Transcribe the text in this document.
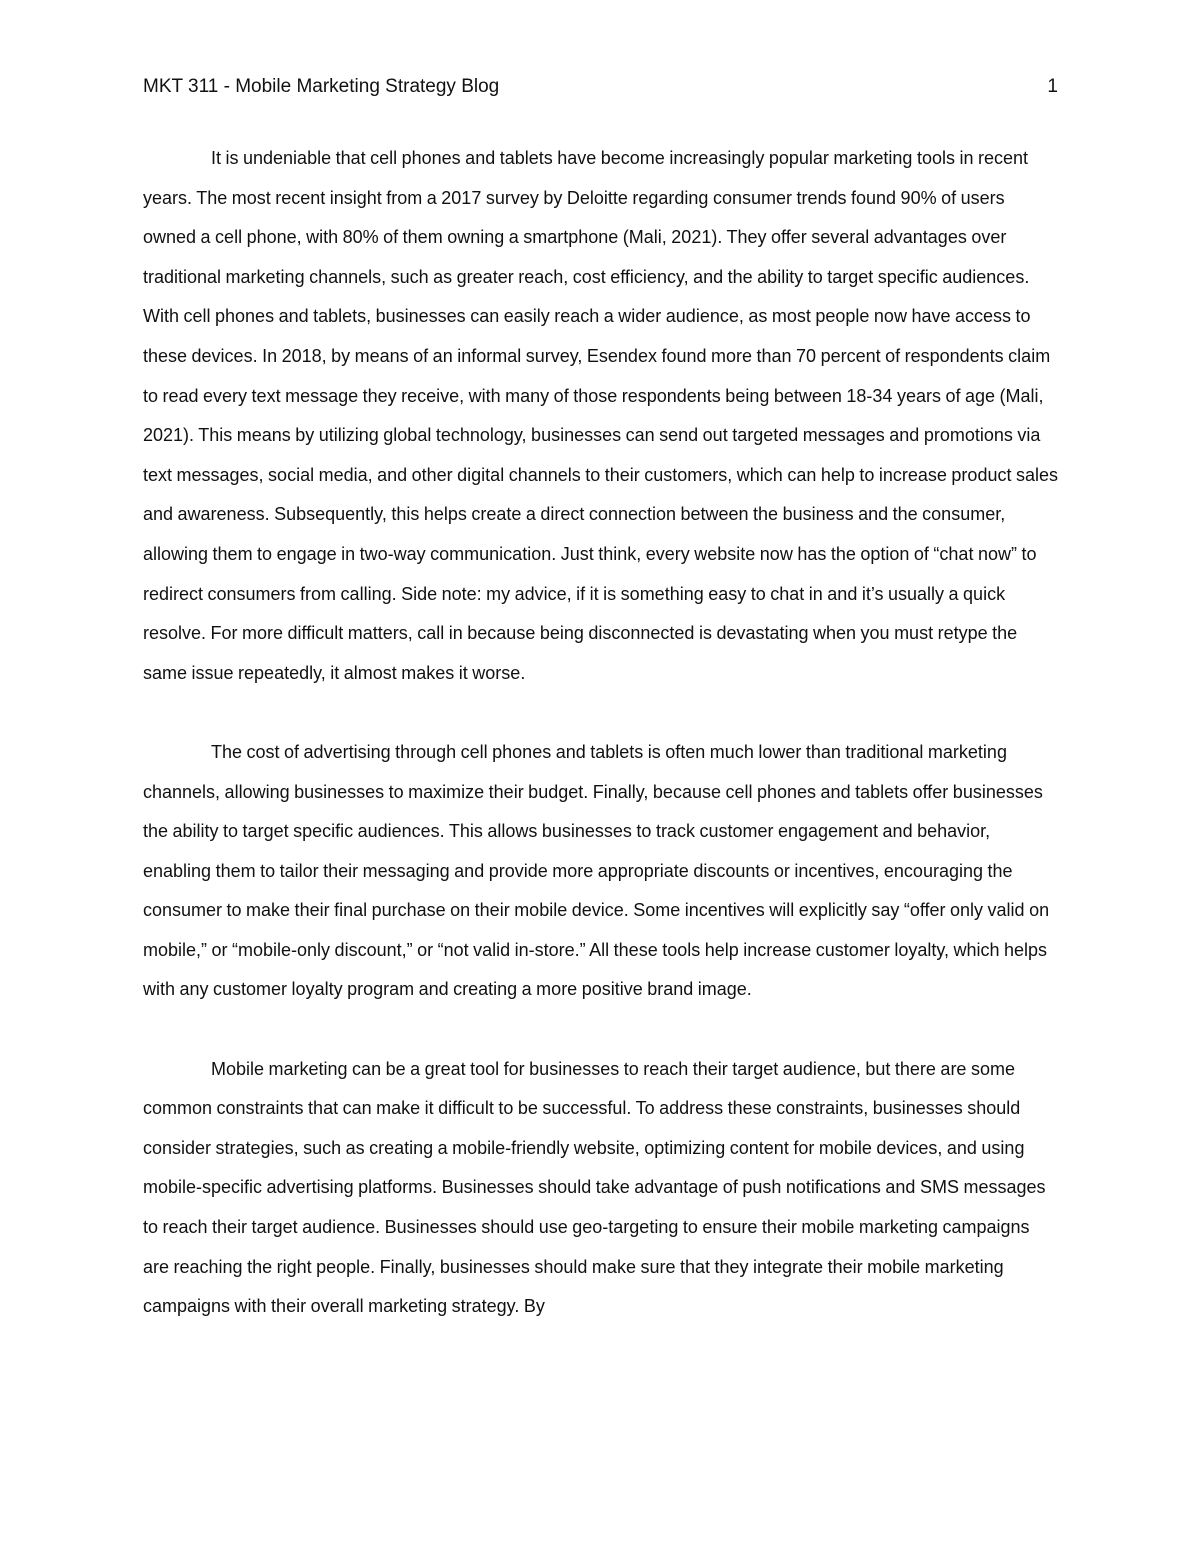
MKT 311 - Mobile Marketing Strategy Blog	1

It is undeniable that cell phones and tablets have become increasingly popular marketing tools in recent years. The most recent insight from a 2017 survey by Deloitte regarding consumer trends found 90% of users owned a cell phone, with 80% of them owning a smartphone (Mali, 2021). They offer several advantages over traditional marketing channels, such as greater reach, cost efficiency, and the ability to target specific audiences. With cell phones and tablets, businesses can easily reach a wider audience, as most people now have access to these devices. In 2018, by means of an informal survey, Esendex found more than 70 percent of respondents claim to read every text message they receive, with many of those respondents being between 18-34 years of age (Mali, 2021). This means by utilizing global technology, businesses can send out targeted messages and promotions via text messages, social media, and other digital channels to their customers, which can help to increase product sales and awareness. Subsequently, this helps create a direct connection between the business and the consumer, allowing them to engage in two-way communication. Just think, every website now has the option of “chat now” to redirect consumers from calling. Side note: my advice, if it is something easy to chat in and it’s usually a quick resolve. For more difficult matters, call in because being disconnected is devastating when you must retype the same issue repeatedly, it almost makes it worse.

The cost of advertising through cell phones and tablets is often much lower than traditional marketing channels, allowing businesses to maximize their budget. Finally, because cell phones and tablets offer businesses the ability to target specific audiences. This allows businesses to track customer engagement and behavior, enabling them to tailor their messaging and provide more appropriate discounts or incentives, encouraging the consumer to make their final purchase on their mobile device. Some incentives will explicitly say “offer only valid on mobile,” or “mobile-only discount,” or “not valid in-store.” All these tools help increase customer loyalty, which helps with any customer loyalty program and creating a more positive brand image.

Mobile marketing can be a great tool for businesses to reach their target audience, but there are some common constraints that can make it difficult to be successful. To address these constraints, businesses should consider strategies, such as creating a mobile-friendly website, optimizing content for mobile devices, and using mobile-specific advertising platforms. Businesses should take advantage of push notifications and SMS messages to reach their target audience. Businesses should use geo-targeting to ensure their mobile marketing campaigns are reaching the right people. Finally, businesses should make sure that they integrate their mobile marketing campaigns with their overall marketing strategy. By
